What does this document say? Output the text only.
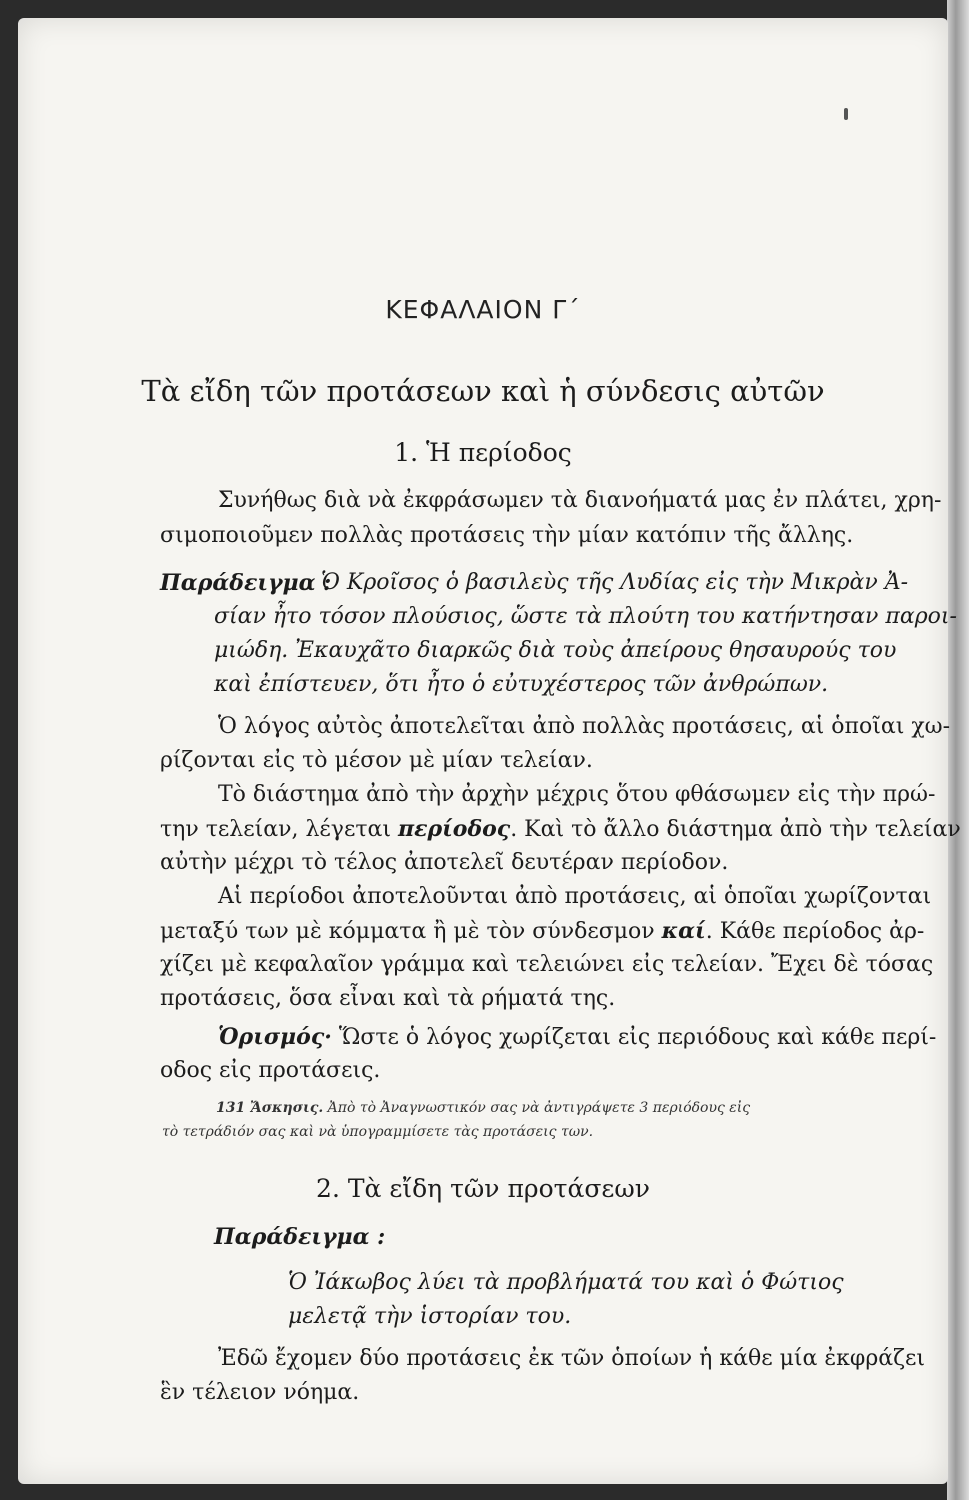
ΚΕΦΑΛΑΙΟΝ Γ΄
Τὰ εἴδη τῶν προτάσεων καὶ ἡ σύνδεσις αὐτῶν
1. Ἡ περίοδος
Συνήθως διὰ νὰ ἐκφράσωμεν τὰ διανοήματά μας ἐν πλάτει, χρη-
σιμοποιοῦμεν πολλὰς προτάσεις τὴν μίαν κατόπιν τῆς ἄλλης.
Παράδειγμα :
Ὁ Κροῖσος ὁ βασιλεὺς τῆς Λυδίας εἰς τὴν Μικρὰν Ἀ-
σίαν ἦτο τόσον πλούσιος, ὥστε τὰ πλούτη του κατήντησαν παροι-
μιώδη. Ἐκαυχᾶτο διαρκῶς διὰ τοὺς ἀπείρους θησαυρούς του
καὶ ἐπίστευεν, ὅτι ἦτο ὁ εὐτυχέστερος τῶν ἀνθρώπων.
Ὁ λόγος αὐτὸς ἀποτελεῖται ἀπὸ πολλὰς προτάσεις, αἱ ὁποῖαι χω-
ρίζονται εἰς τὸ μέσον μὲ μίαν τελείαν.
Τὸ διάστημα ἀπὸ τὴν ἀρχὴν μέχρις ὅτου φθάσωμεν εἰς τὴν πρώ-
την τελείαν, λέγεται περίοδος. Καὶ τὸ ἄλλο διάστημα ἀπὸ τὴν τελείαν
αὐτὴν μέχρι τὸ τέλος ἀποτελεῖ δευτέραν περίοδον.
Αἱ περίοδοι ἀποτελοῦνται ἀπὸ προτάσεις, αἱ ὁποῖαι χωρίζονται
μεταξύ των μὲ κόμματα ἢ μὲ τὸν σύνδεσμον καί. Κάθε περίοδος ἀρ-
χίζει μὲ κεφαλαῖον γράμμα καὶ τελειώνει εἰς τελείαν. Ἔχει δὲ τόσας
προτάσεις, ὅσα εἶναι καὶ τὰ ρήματά της.
Ὁρισμός· Ὥστε ὁ λόγος χωρίζεται εἰς περιόδους καὶ κάθε περί-
οδος εἰς προτάσεις.
131 Ἄσκησις. Ἀπὸ τὸ Ἀναγνωστικόν σας νὰ ἀντιγράψετε 3 περιόδους εἰς
τὸ τετράδιόν σας καὶ νὰ ὑπογραμμίσετε τὰς προτάσεις των.
2. Τὰ εἴδη τῶν προτάσεων
Παράδειγμα :
Ὁ Ἰάκωβος λύει τὰ προβλήματά του καὶ ὁ Φώτιος
μελετᾷ τὴν ἱστορίαν του.
Ἐδῶ ἔχομεν δύο προτάσεις ἐκ τῶν ὁποίων ἡ κάθε μία ἐκφράζει
ἓν τέλειον νόημα.
